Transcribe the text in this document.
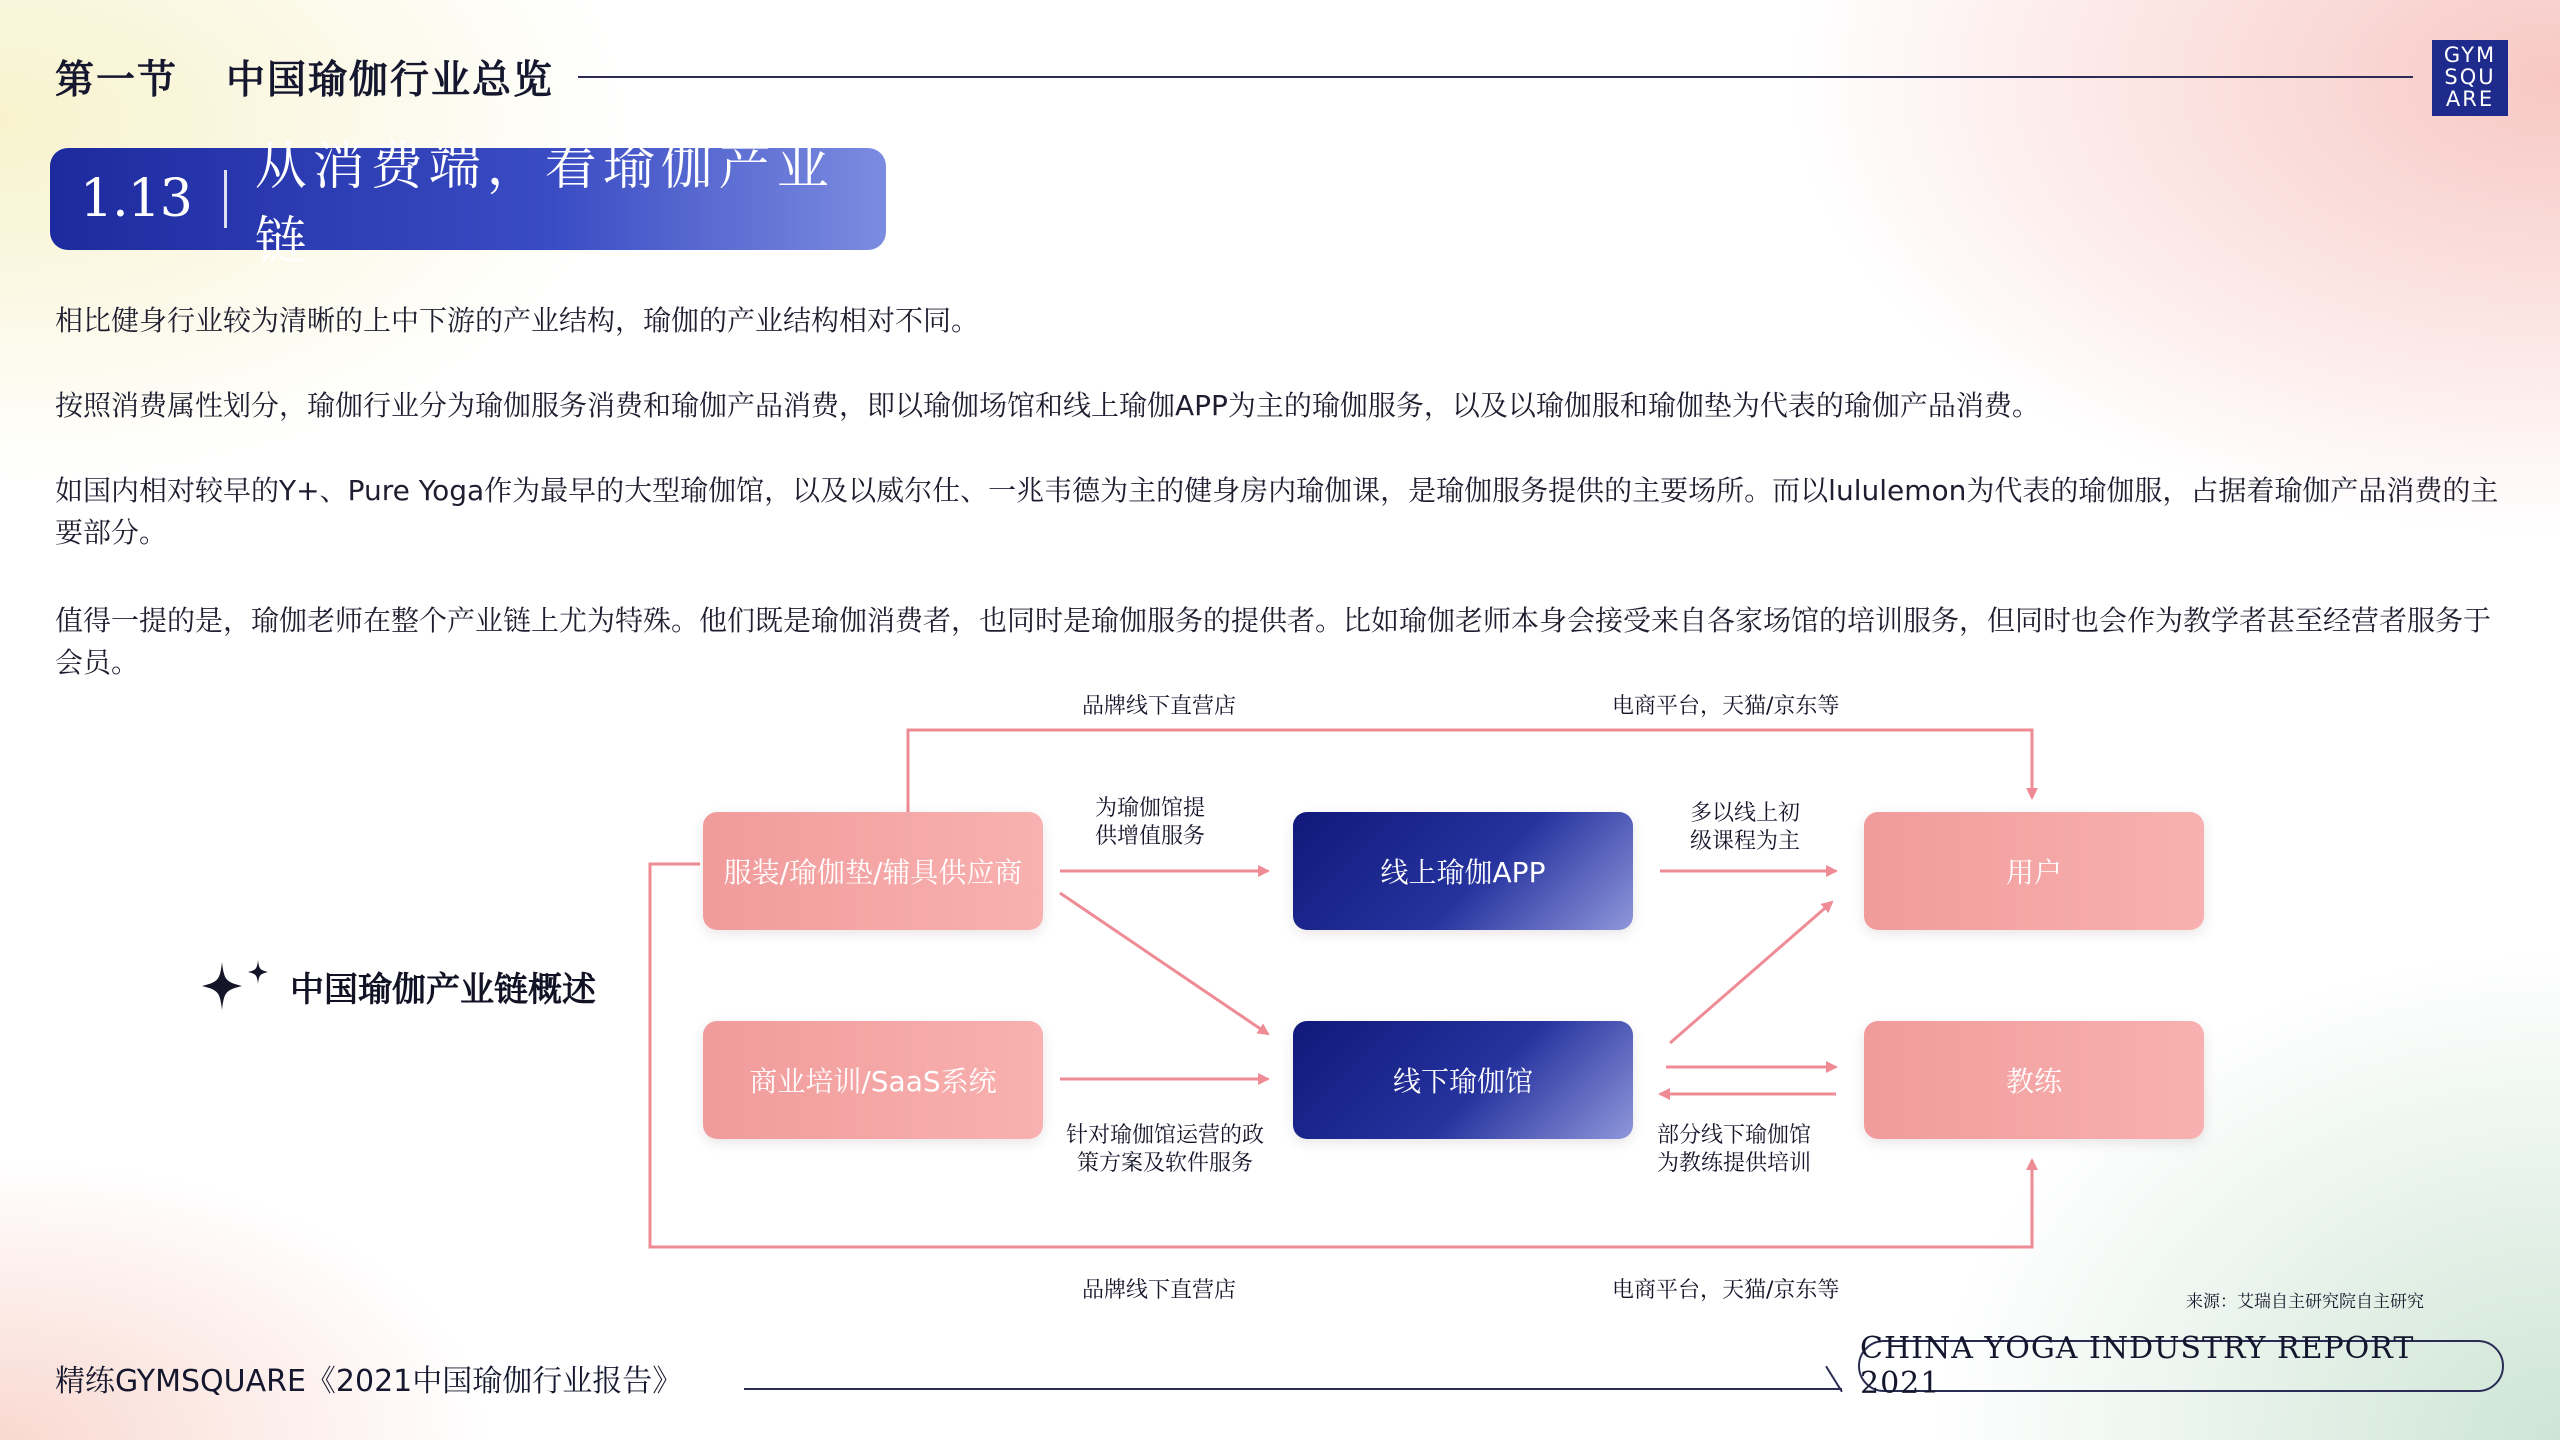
第一节 中国瑜伽行业总览
GYM
SQU
ARE
1.13
从消费端，看瑜伽产业链
相比健身行业较为清晰的上中下游的产业结构，瑜伽的产业结构相对不同。
按照消费属性划分，瑜伽行业分为瑜伽服务消费和瑜伽产品消费，即以瑜伽场馆和线上瑜伽APP为主的瑜伽服务，以及以瑜伽服和瑜伽垫为代表的瑜伽产品消费。
如国内相对较早的Y+、Pure Yoga作为最早的大型瑜伽馆，以及以威尔仕、一兆韦德为主的健身房内瑜伽课，是瑜伽服务提供的主要场所。而以lululemon为代表的瑜伽服，占据着瑜伽产品消费的主要部分。
值得一提的是，瑜伽老师在整个产业链上尤为特殊。他们既是瑜伽消费者，也同时是瑜伽服务的提供者。比如瑜伽老师本身会接受来自各家场馆的培训服务，但同时也会作为教学者甚至经营者服务于会员。
中国瑜伽产业链概述
服装/瑜伽垫/辅具供应商
商业培训/SaaS系统
线上瑜伽APP
线下瑜伽馆
用户
教练
品牌线下直营店	电商平台，天猫/京东等
品牌线下直营店	电商平台，天猫/京东等
为瑜伽馆提
供增值服务
多以线上初
级课程为主
针对瑜伽馆运营的政
策方案及软件服务
部分线下瑜伽馆
为教练提供培训
来源：艾瑞自主研究院自主研究
精练GYMSQUARE《2021中国瑜伽行业报告》
CHINA YOGA INDUSTRY REPORT 2021
